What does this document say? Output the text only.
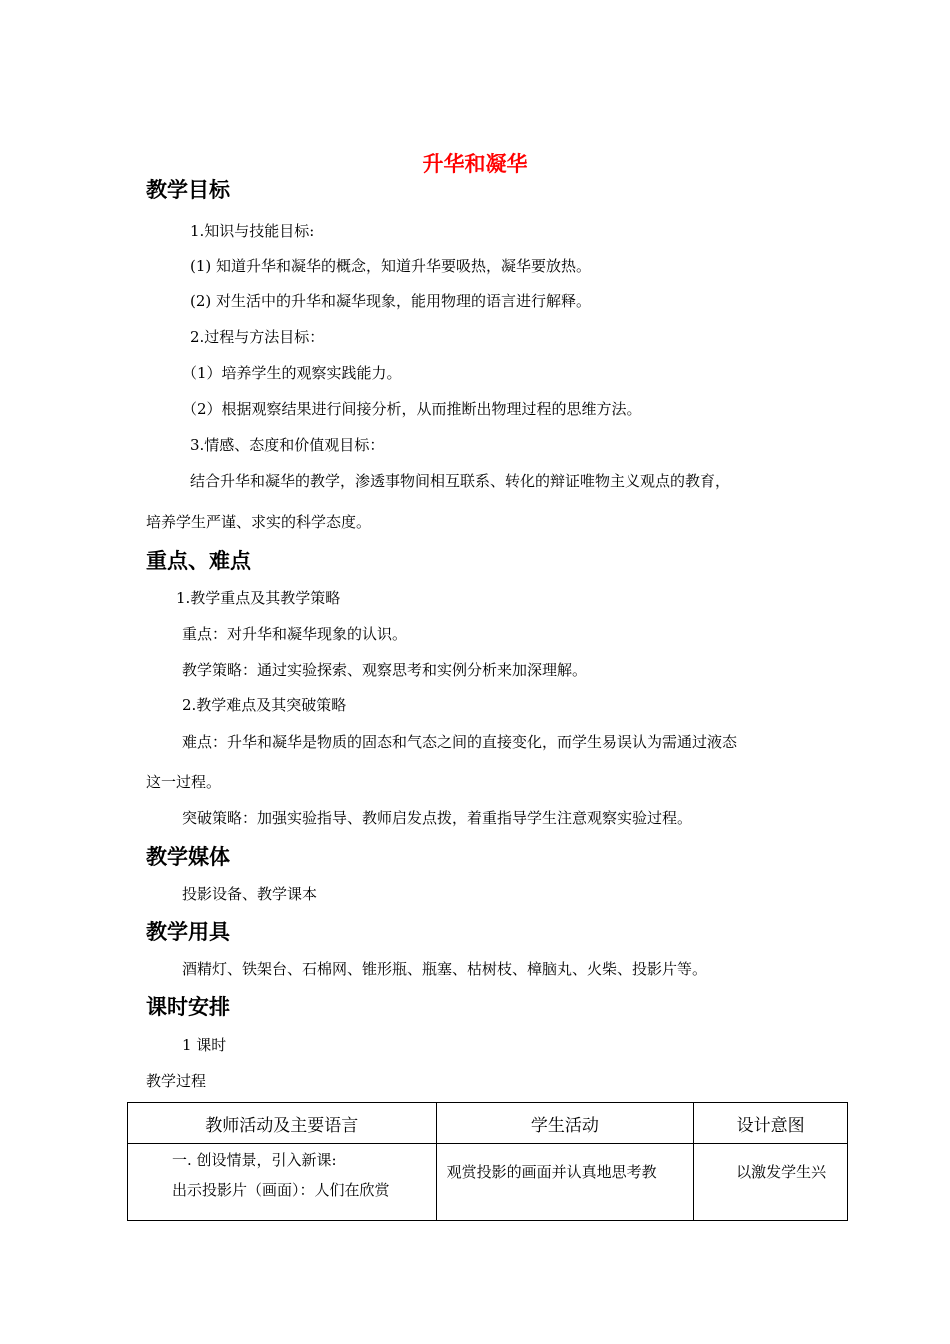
升华和凝华
教学目标
1.知识与技能目标:
(1) 知道升华和凝华的概念，知道升华要吸热，凝华要放热。
(2) 对生活中的升华和凝华现象，能用物理的语言进行解释。
2.过程与方法目标：
（1）培养学生的观察实践能力。
（2）根据观察结果进行间接分析，从而推断出物理过程的思维方法。
3.情感、态度和价值观目标：
结合升华和凝华的教学，渗透事物间相互联系、转化的辩证唯物主义观点的教育，
培养学生严谨、求实的科学态度。
重点、难点
1.教学重点及其教学策略
重点：对升华和凝华现象的认识。
教学策略：通过实验探索、观察思考和实例分析来加深理解。
2.教学难点及其突破策略
难点：升华和凝华是物质的固态和气态之间的直接变化，而学生易误认为需通过液态
这一过程。
突破策略：加强实验指导、教师启发点拨，着重指导学生注意观察实验过程。
教学媒体
投影设备、教学课本
教学用具
酒精灯、铁架台、石棉网、锥形瓶、瓶塞、枯树枝、樟脑丸、火柴、投影片等。
课时安排
1 课时
教学过程
教师活动及主要语言	学生活动	设计意图

一. 创设情景，引入新课:
出示投影片（画面）：人们在欣赏	观赏投影的画面并认真地思考教	以激发学生兴
